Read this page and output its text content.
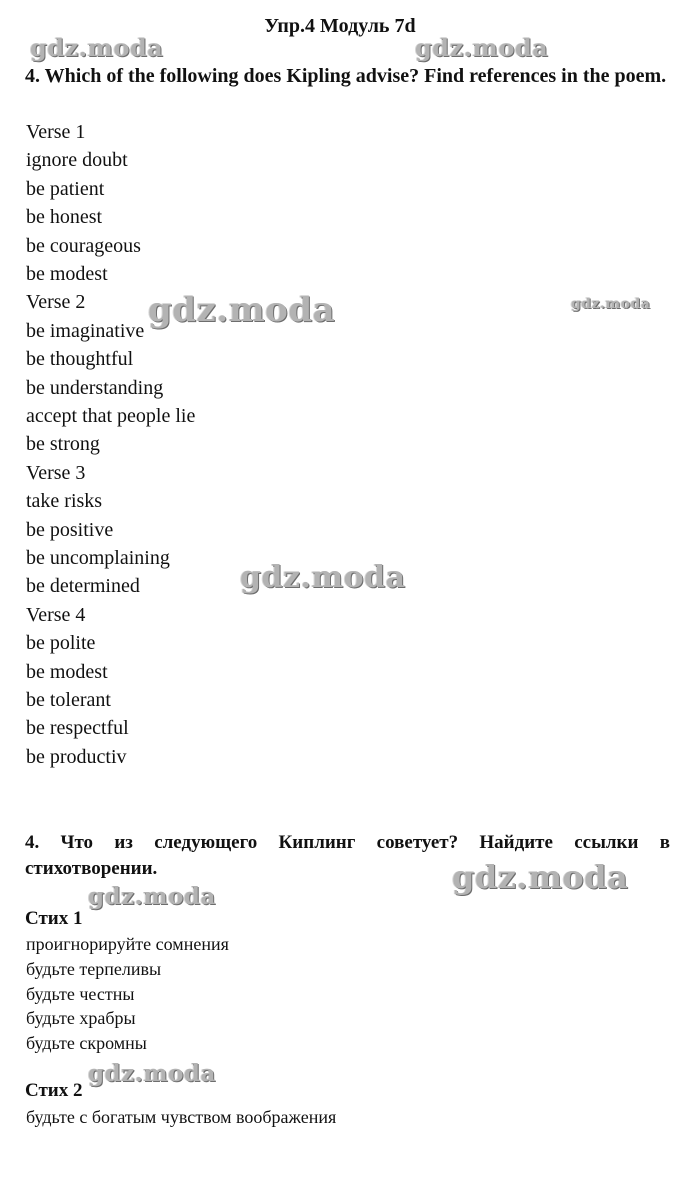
Упр.4 Модуль 7d
4. Which of the following does Kipling advise? Find references in the poem.
Verse 1
ignore doubt
be patient
be honest
be courageous
be modest
Verse 2
be imaginative
be thoughtful
be understanding
accept that people lie
be strong
Verse 3
take risks
be positive
be uncomplaining
be determined
Verse 4
be polite
be modest
be tolerant
be respectful
be productiv
4. Что из следующего Киплинг советует? Найдите ссылки в стихотворении.
Стих 1
проигнорируйте сомнения
будьте терпеливы
будьте честны
будьте храбры
будьте скромны
Стих 2
будьте с богатым чувством воображения
gdz.moda	gdz.moda
gdz.moda	gdz.moda
gdz.moda
gdz.moda
gdz.moda
gdz.moda
